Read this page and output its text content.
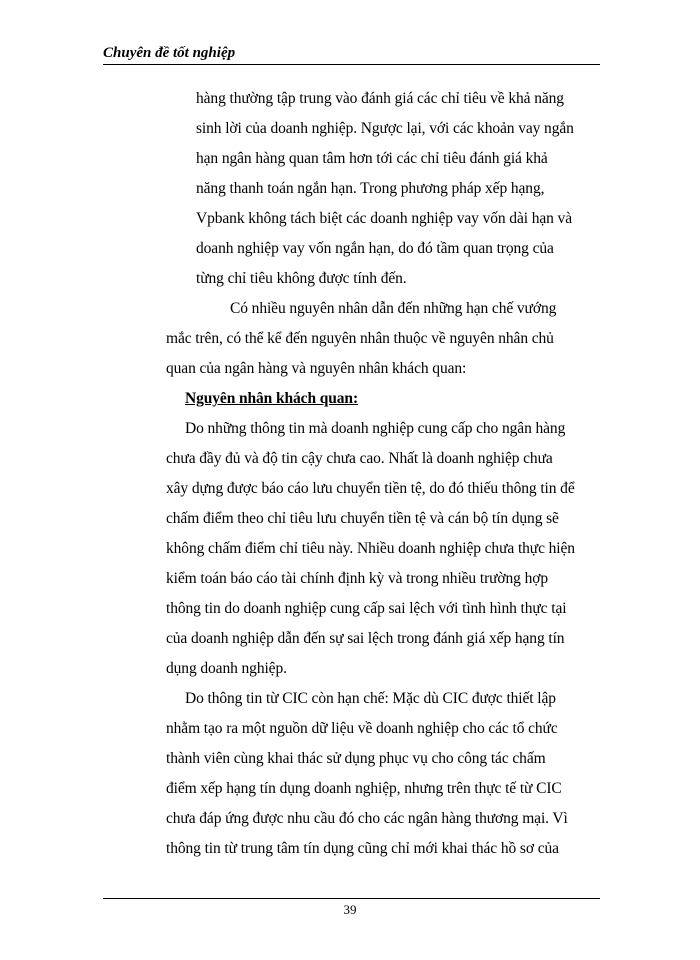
Chuyên đề tốt nghiệp
hàng thường tập trung vào đánh giá các chỉ tiêu về khả năng
sinh lời của doanh nghiệp. Ngược lại, với các khoản vay ngắn
hạn ngân hàng quan tâm hơn tới các chỉ tiêu đánh giá khả
năng thanh toán ngắn hạn. Trong phương pháp xếp hạng,
Vpbank không tách biệt các doanh nghiệp vay vốn dài hạn và
doanh nghiệp vay vốn ngắn hạn, do đó tầm quan trọng của
từng chỉ tiêu không được tính đến.
Có nhiều nguyên nhân dẫn đến những hạn chế vướng
mắc trên, có thể kể đến nguyên nhân thuộc về nguyên nhân chủ
quan của ngân hàng và nguyên nhân khách quan:
Nguyên nhân khách quan:
Do những thông tin mà doanh nghiệp cung cấp cho ngân hàng
chưa đầy đủ và độ tin cậy chưa cao. Nhất là doanh nghiệp chưa
xây dựng được báo cáo lưu chuyển tiền tệ, do đó thiếu thông tin để
chấm điểm theo chỉ tiêu lưu chuyển tiền tệ và cán bộ tín dụng sẽ
không chấm điểm chỉ tiêu này. Nhiều doanh nghiệp chưa thực hiện
kiểm toán báo cáo tài chính định kỳ và trong nhiều trường hợp
thông tin do doanh nghiệp cung cấp sai lệch với tình hình thực tại
của doanh nghiệp dẫn đến sự sai lệch trong đánh giá xếp hạng tín
dụng doanh nghiệp.
Do thông tin từ CIC còn hạn chế: Mặc dù CIC được thiết lập
nhằm tạo ra một nguồn dữ liệu về doanh nghiệp cho các tổ chức
thành viên cùng khai thác sử dụng phục vụ cho công tác chấm
điểm xếp hạng tín dụng doanh nghiệp, nhưng trên thực tế từ CIC
chưa đáp ứng được nhu cầu đó cho các ngân hàng thương mại. Vì
thông tin từ trung tâm tín dụng cũng chỉ mới khai thác hồ sơ của
39
